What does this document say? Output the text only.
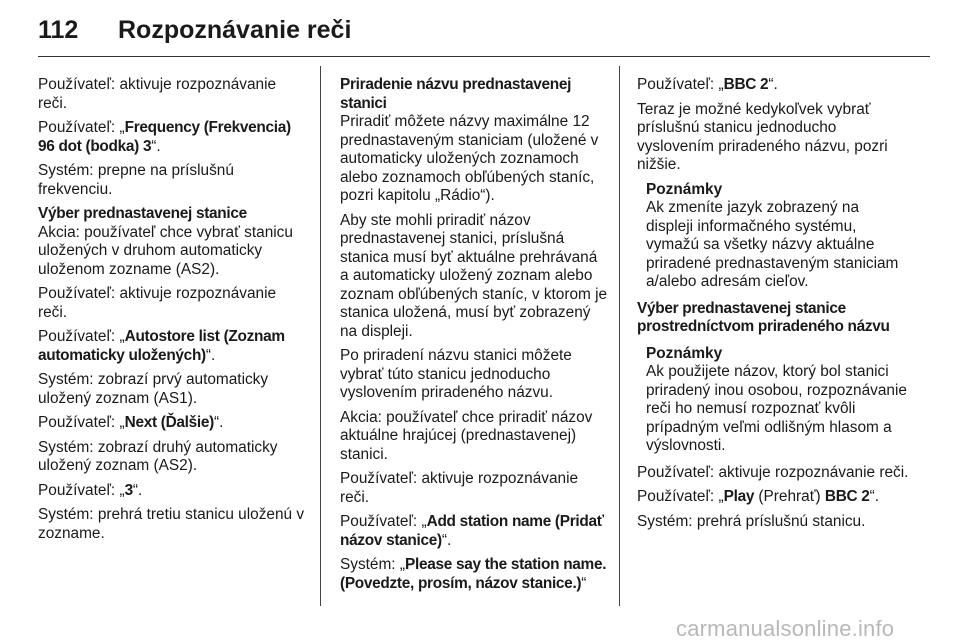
112	Rozpoznávanie reči

Používateľ: aktivuje rozpoznávanie reči.

Používateľ: „Frequency (Frekvencia) 96 dot (bodka) 3“.

Systém: prepne na príslušnú frekvenciu.

Výber prednastavenej stanice

Akcia: používateľ chce vybrať stanicu uložených v druhom automaticky uloženom zozname (AS2).

Používateľ: aktivuje rozpoznávanie reči.

Používateľ: „Autostore list (Zoznam automaticky uložených)“.

Systém: zobrazí prvý automaticky uložený zoznam (AS1).

Používateľ: „Next (Ďalšie)“.

Systém: zobrazí druhý automaticky uložený zoznam (AS2).

Používateľ: „3“.

Systém: prehrá tretiu stanicu uloženú v zozname.

Priradenie názvu prednastavenej stanici

Priradiť môžete názvy maximálne 12 prednastaveným staniciam (uložené v automaticky uložených zoznamoch alebo zoznamoch obľúbených staníc, pozri kapitolu „Rádio“).

Aby ste mohli priradiť názov prednastavenej stanici, príslušná stanica musí byť aktuálne prehrávaná a automaticky uložený zoznam alebo zoznam obľúbených staníc, v ktorom je stanica uložená, musí byť zobrazený na displeji.

Po priradení názvu stanici môžete vybrať túto stanicu jednoducho vyslovením priradeného názvu.

Akcia: používateľ chce priradiť názov aktuálne hrajúcej (prednastavenej) stanici.

Používateľ: aktivuje rozpoznávanie reči.

Používateľ: „Add station name (Pridať názov stanice)“.

Systém: „Please say the station name. (Povedzte, prosím, názov stanice.)“

Používateľ: „BBC 2“.

Teraz je možné kedykoľvek vybrať príslušnú stanicu jednoducho vyslovením priradeného názvu, pozri nižšie.

Poznámky
Ak zmeníte jazyk zobrazený na displeji informačného systému, vymažú sa všetky názvy aktuálne priradené prednastaveným staniciam a/alebo adresám cieľov.

Výber prednastavenej stanice prostredníctvom priradeného názvu

Poznámky
Ak použijete názov, ktorý bol stanici priradený inou osobou, rozpoznávanie reči ho nemusí rozpoznať kvôli prípadným veľmi odlišným hlasom a výslovnosti.

Používateľ: aktivuje rozpoznávanie reči.

Používateľ: „Play (Prehrať) BBC 2“.

Systém: prehrá príslušnú stanicu.

carmanualsonline.info
